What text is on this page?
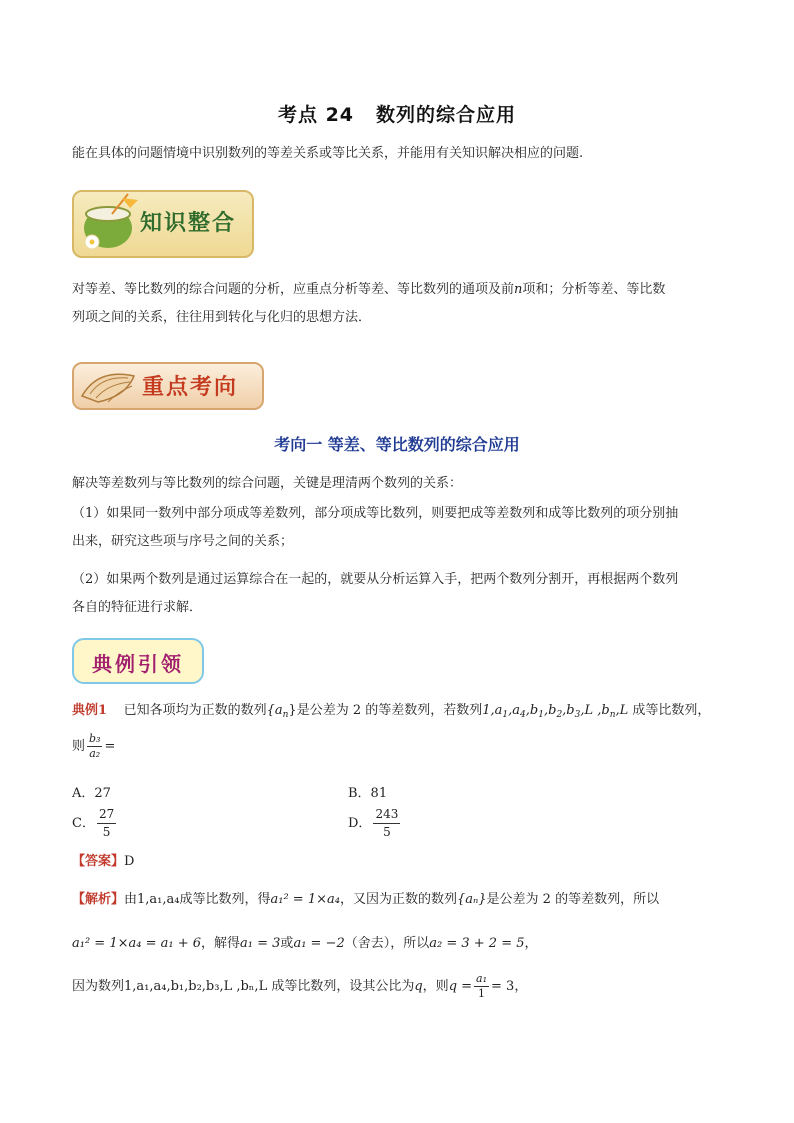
考点 24 数列的综合应用
能在具体的问题情境中识别数列的等差关系或等比关系，并能用有关知识解决相应的问题.
知识整合
对等差、等比数列的综合问题的分析，应重点分析等差、等比数列的通项及前n项和；分析等差、等比数
列项之间的关系，往往用到转化与化归的思想方法．
重点考向
考向一 等差、等比数列的综合应用
解决等差数列与等比数列的综合问题，关键是理清两个数列的关系：
（1）如果同一数列中部分项成等差数列，部分项成等比数列，则要把成等差数列和成等比数列的项分别抽
出来，研究这些项与序号之间的关系；
（2）如果两个数列是通过运算综合在一起的，就要从分析运算入手，把两个数列分割开，再根据两个数列
各自的特征进行求解．
典例引领
典例1 已知各项均为正数的数列$\{a_n\}$是公差为 2 的等差数列，若数列$1,a_1,a_4,b_1,b_2,b_3,L$ $,b_n,L$ 成等比数列，
则 $\frac{\text{b₃}}{\text{a₂}}$ =
A．27	B．81
C． $\frac{27}{5}$	D． $\frac{243}{5}$
【答案】D
【解析】由1,a₁,a₄成等比数列，得a₁² = 1×a₄，又因为正数的数列{aₙ}是公差为 2 的等差数列，所以
a₁² = 1×a₄ = a₁ + 6，解得a₁ = 3或a₁ = −2（舍去），所以a₂ = 3 + 2 = 5，
因为数列1,a₁,a₄,b₁,b₂,b₃,L ,bₙ,L 成等比数列，设其公比为q，则$q = \frac{\text{a₁}}{1} = 3$，
